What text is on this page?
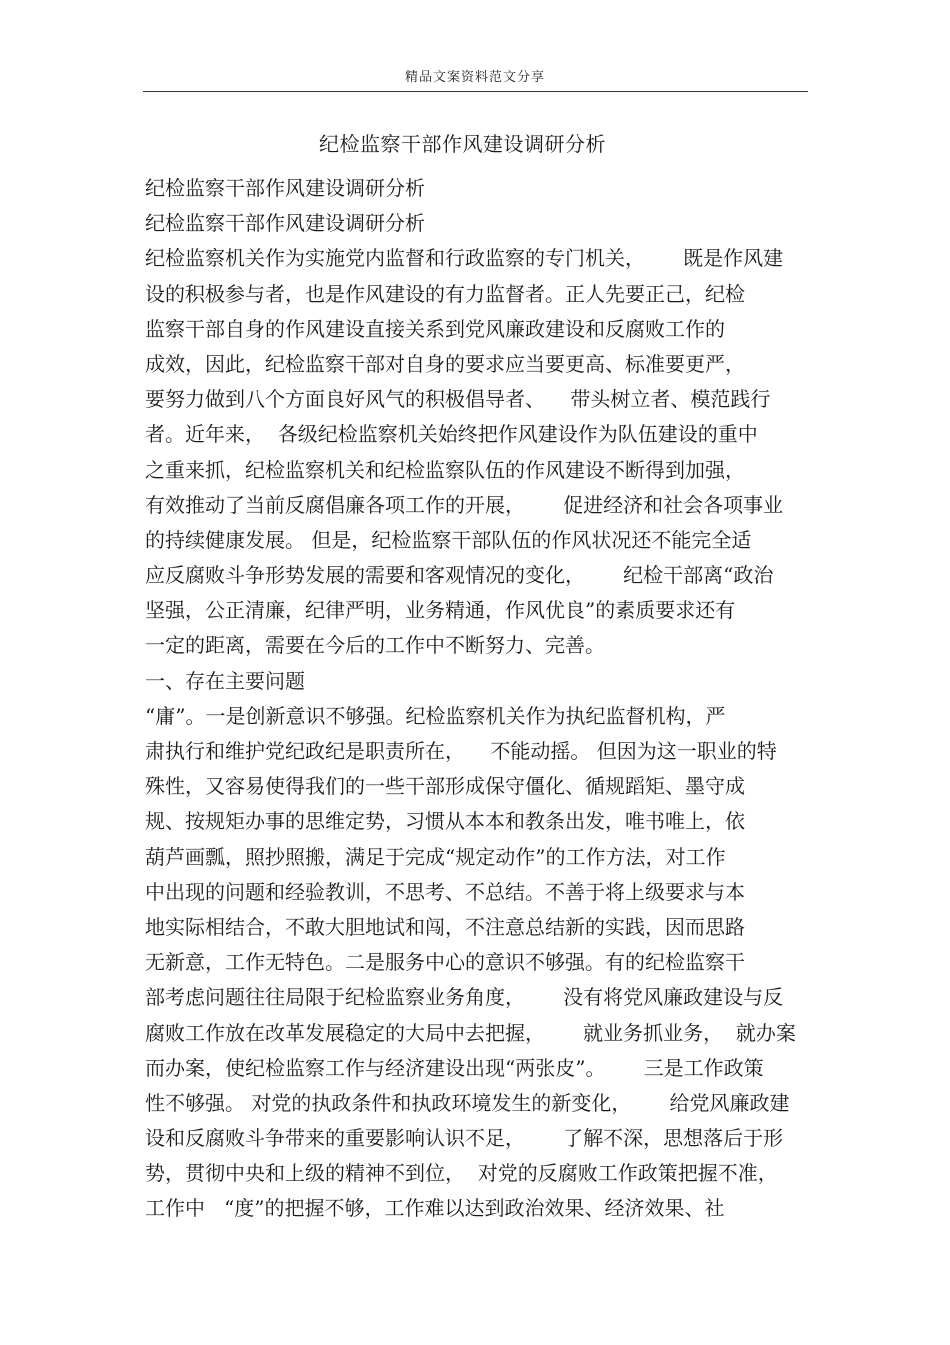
精品文案资料范文分享
纪检监察干部作风建设调研分析
纪检监察干部作风建设调研分析
纪检监察干部作风建设调研分析
纪检监察机关作为实施党内监督和行政监察的专门机关，      既是作风建
设的积极参与者，也是作风建设的有力监督者。正人先要正己，纪检
监察干部自身的作风建设直接关系到党风廉政建设和反腐败工作的
成效，因此，纪检监察干部对自身的要求应当要更高、标准要更严，
要努力做到八个方面良好风气的积极倡导者、    带头树立者、模范践行
者。近年来，  各级纪检监察机关始终把作风建设作为队伍建设的重中
之重来抓，纪检监察机关和纪检监察队伍的作风建设不断得到加强，
有效推动了当前反腐倡廉各项工作的开展，      促进经济和社会各项事业
的持续健康发展。 但是，纪检监察干部队伍的作风状况还不能完全适
应反腐败斗争形势发展的需要和客观情况的变化，      纪检干部离“政治
坚强，公正清廉，纪律严明，业务精通，作风优良”的素质要求还有
一定的距离，需要在今后的工作中不断努力、完善。
一、存在主要问题
“庸”。一是创新意识不够强。纪检监察机关作为执纪监督机构，严
肃执行和维护党纪政纪是职责所在，    不能动摇。 但因为这一职业的特
殊性，又容易使得我们的一些干部形成保守僵化、循规蹈矩、墨守成
规、按规矩办事的思维定势，习惯从本本和教条出发，唯书唯上，依
葫芦画瓢，照抄照搬，满足于完成“规定动作”的工作方法，对工作
中出现的问题和经验教训，不思考、不总结。不善于将上级要求与本
地实际相结合，不敢大胆地试和闯，不注意总结新的实践，因而思路
无新意，工作无特色。二是服务中心的意识不够强。有的纪检监察干
部考虑问题往往局限于纪检监察业务角度，      没有将党风廉政建设与反
腐败工作放在改革发展稳定的大局中去把握，      就业务抓业务，  就办案
而办案，使纪检监察工作与经济建设出现“两张皮”。      三是工作政策
性不够强。 对党的执政条件和执政环境发生的新变化，      给党风廉政建
设和反腐败斗争带来的重要影响认识不足，      了解不深，思想落后于形
势，贯彻中央和上级的精神不到位，  对党的反腐败工作政策把握不准，
工作中   “度”的把握不够，工作难以达到政治效果、经济效果、社
